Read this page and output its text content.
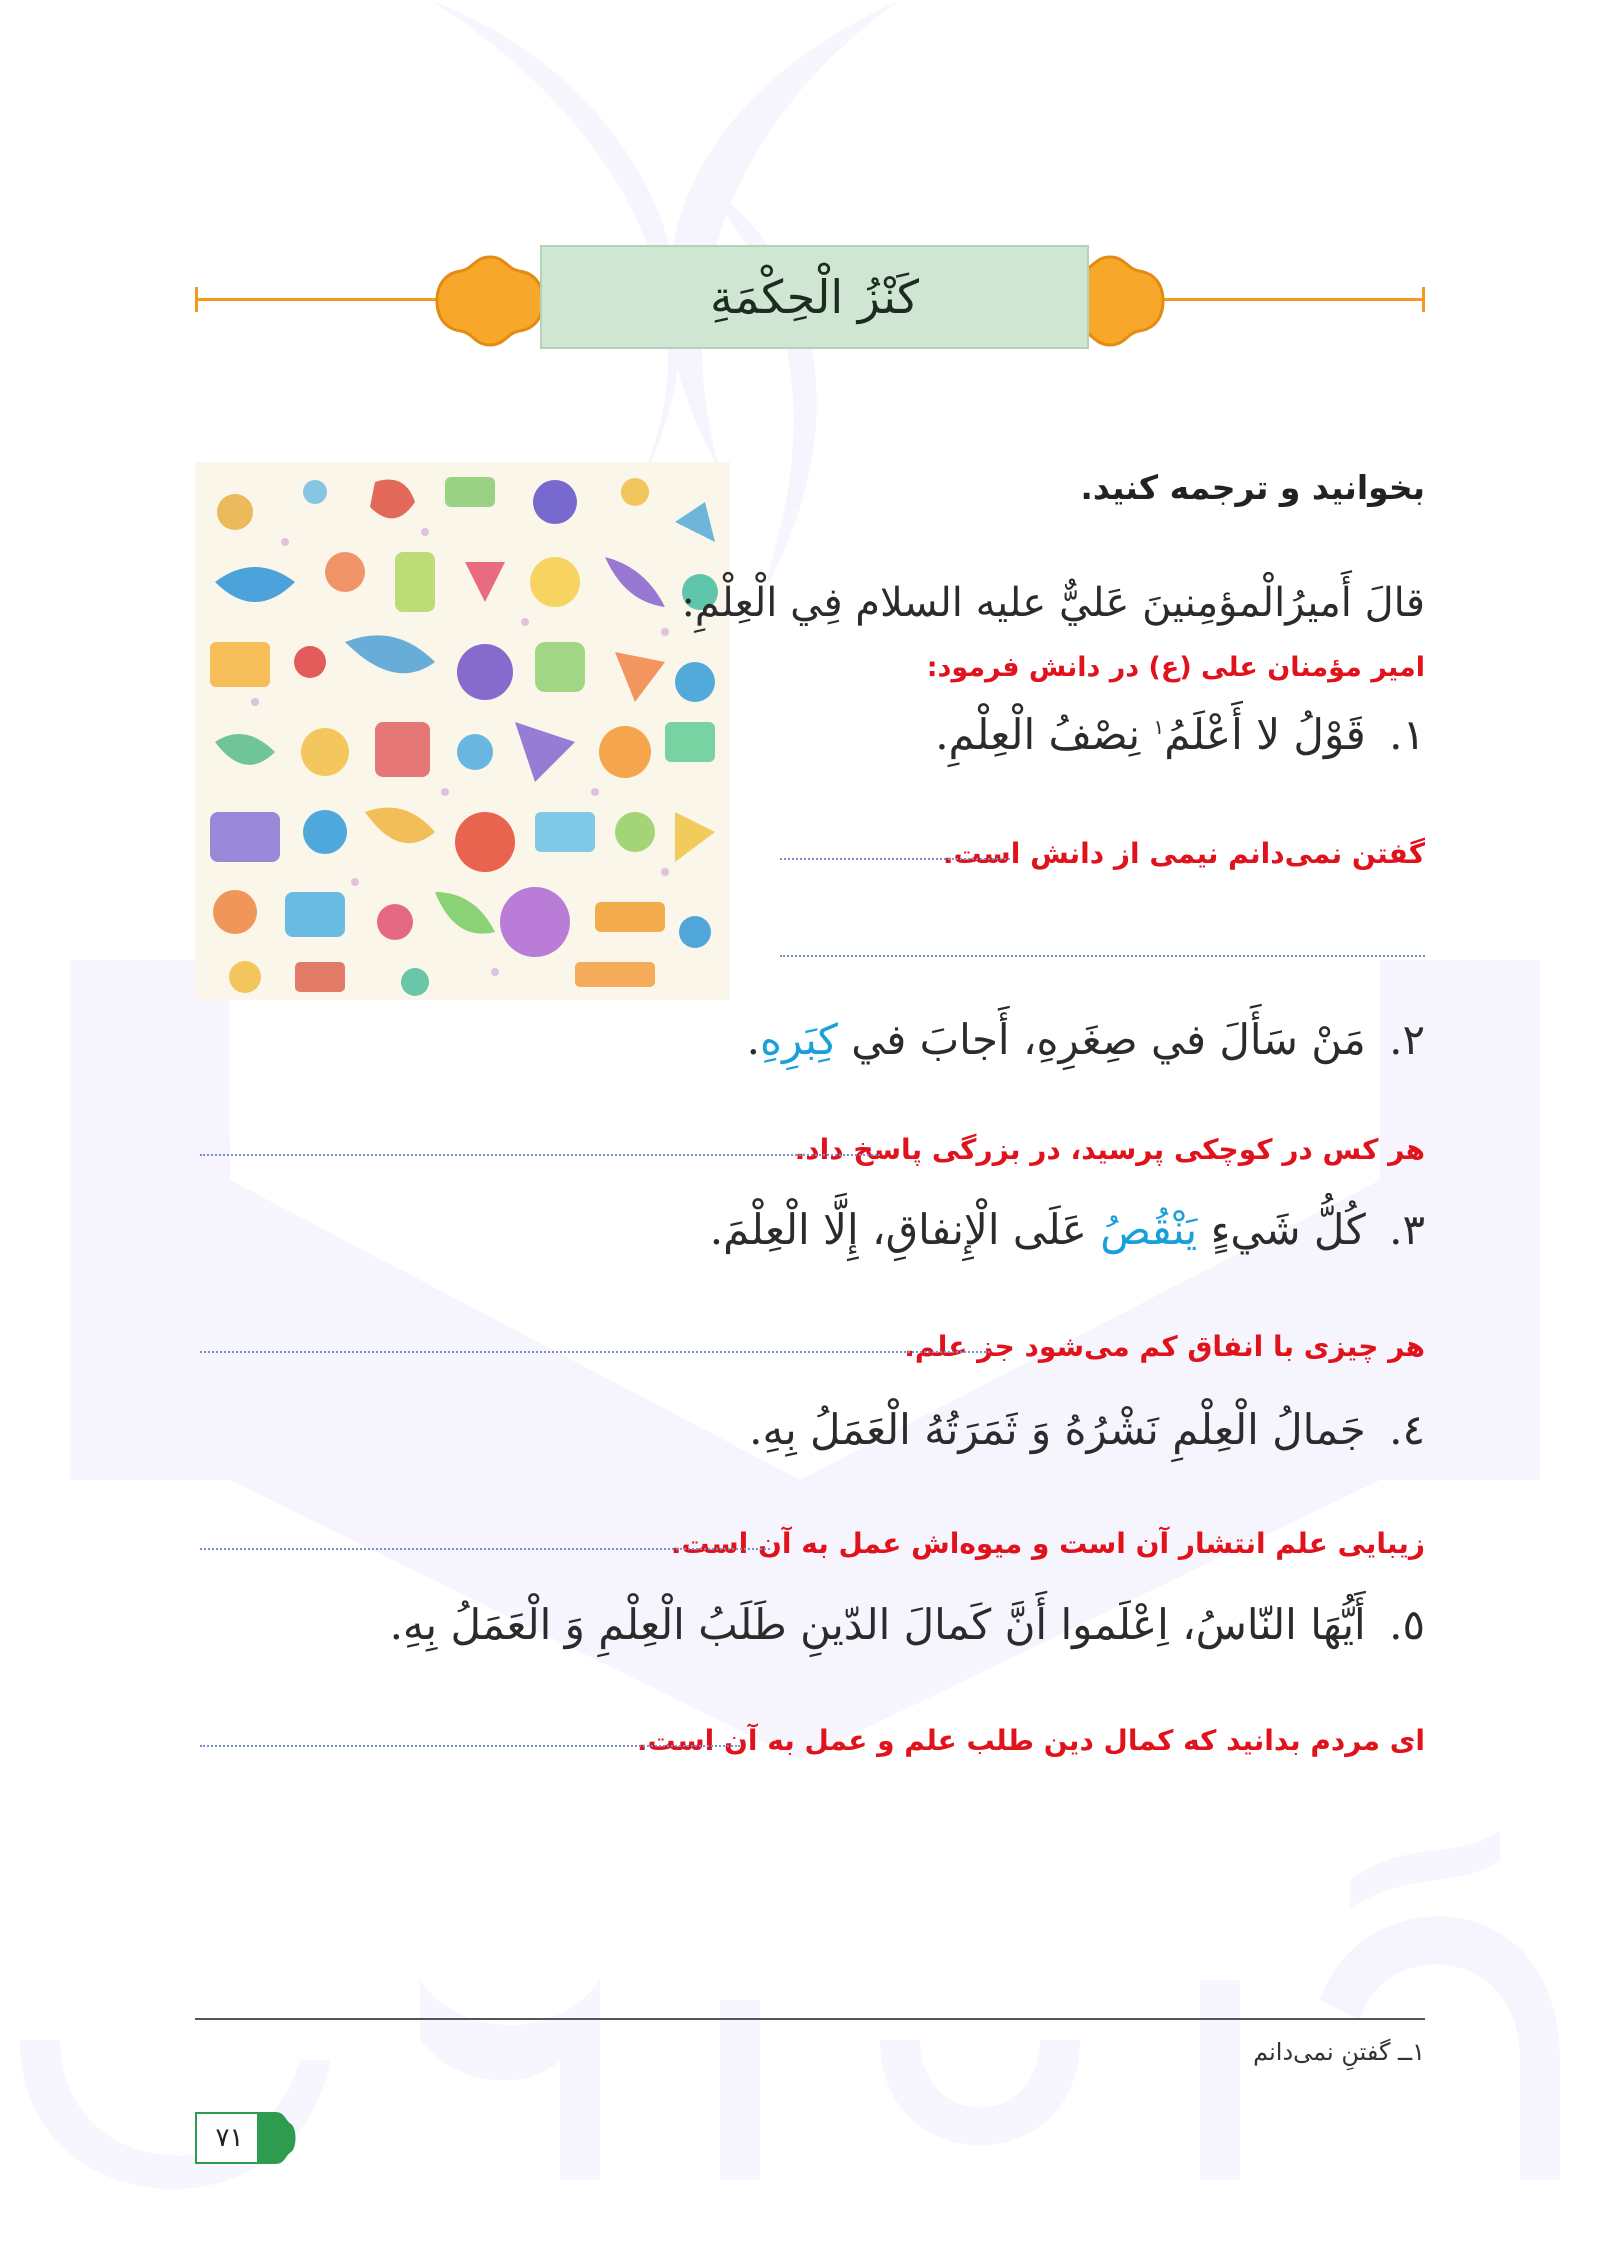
كَنْزُ الْحِكْمَةِ
بخوانید و ترجمه کنید.
قالَ أَميرُالْمؤمِنينَ عَليٌّ عليه السلام فِي الْعِلْمِ:
امیر مؤمنان علی (ع) در دانش فرمود:
١. قَوْلُ لا أَعْلَمُ$^١$ نِصْفُ الْعِلْمِ.
گفتن نمی‌دانم نیمی از دانش است.
٢. مَنْ سَأَلَ في صِغَرِهِ، أَجابَ في كِبَرِهِ.
هر کس در کوچکی پرسید، در بزرگی پاسخ داد.
٣. كُلُّ شَيءٍ يَنْقُصُ عَلَى الْإِنفاقِ، إِلَّا الْعِلْمَ.
هر چیزی با انفاق کم می‌شود جز علم.
٤. جَمالُ الْعِلْمِ نَشْرُهُ وَ ثَمَرَتُهُ الْعَمَلُ بِهِ.
زیبایی علم انتشار آن است و میوه‌اش عمل به آن است.
٥. أَيُّهَا النّاسُ، اِعْلَموا أَنَّ كَمالَ الدّينِ طَلَبُ الْعِلْمِ وَ الْعَمَلُ بِهِ.
ای مردم بدانید که کمال دین طلب علم و عمل به آن است.
١ــ گفتنِ نمی‌دانم
٧١
